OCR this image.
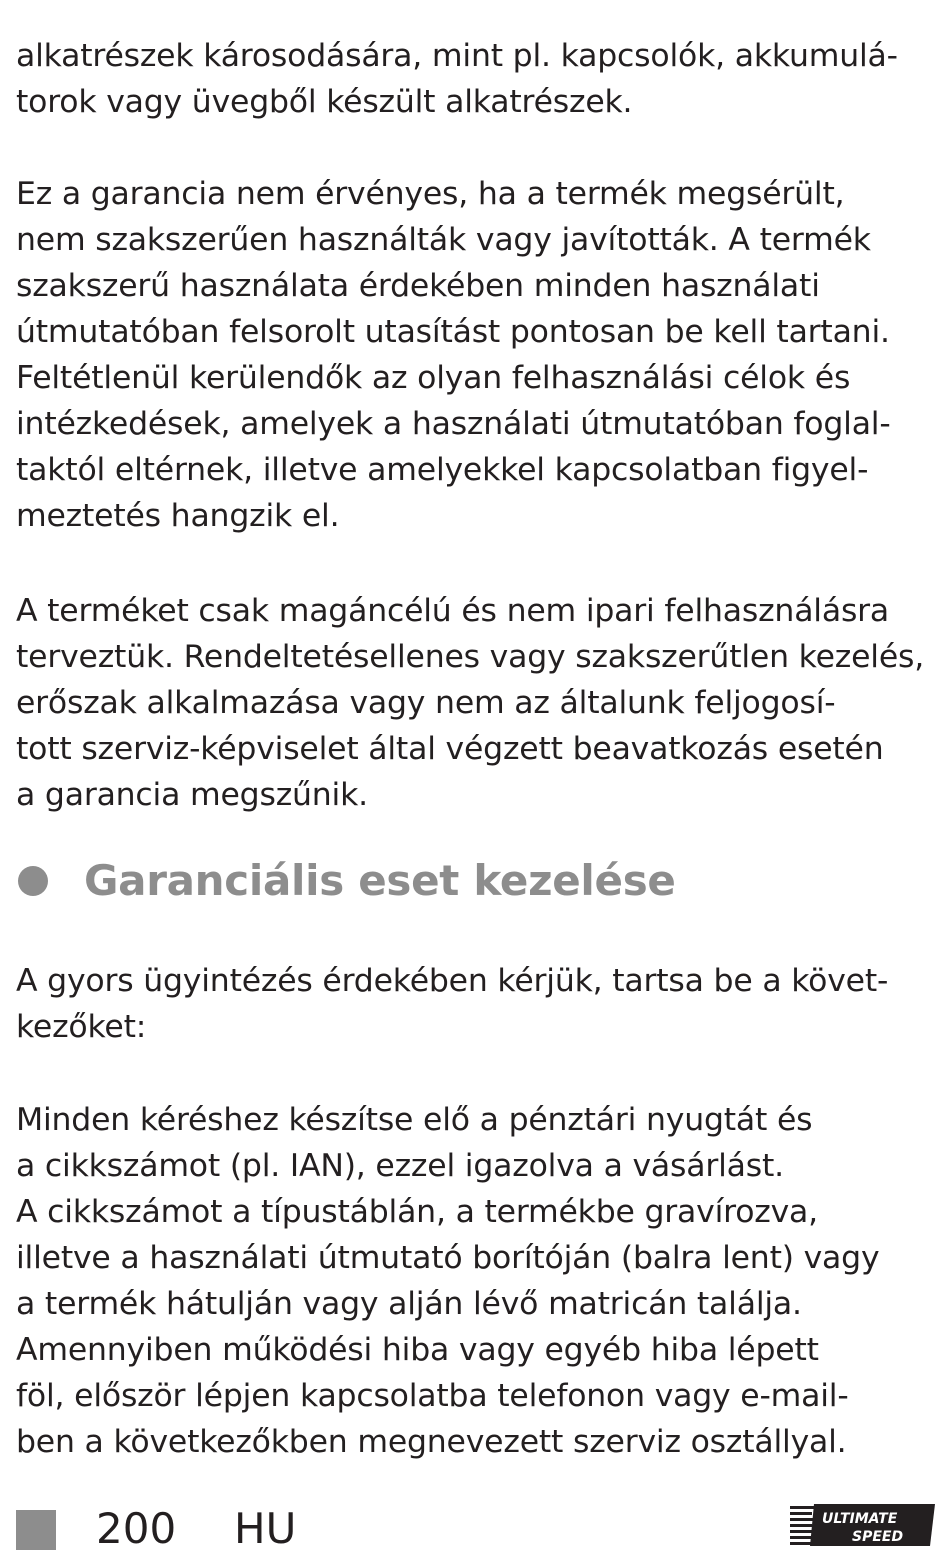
alkatrészek károsodására, mint pl. kapcsolók, akkumulá-
torok vagy üvegből készült alkatrészek.
Ez a garancia nem érvényes, ha a termék megsérült,
nem szakszerűen használták vagy javították. A termék
szakszerű használata érdekében minden használati
útmutatóban felsorolt utasítást pontosan be kell tartani.
Feltétlenül kerülendők az olyan felhasználási célok és
intézkedések, amelyek a használati útmutatóban foglal-
taktól eltérnek, illetve amelyekkel kapcsolatban figyel-
meztetés hangzik el.
A terméket csak magáncélú és nem ipari felhasználásra
terveztük. Rendeltetésellenes vagy szakszerűtlen kezelés,
erőszak alkalmazása vagy nem az általunk feljogosí-
tott szerviz-képviselet által végzett beavatkozás esetén
a garancia megszűnik.
Garanciális eset kezelése
A gyors ügyintézés érdekében kérjük, tartsa be a követ-
kezőket:
Minden kéréshez készítse elő a pénztári nyugtát és
a cikkszámot (pl. IAN), ezzel igazolva a vásárlást.
A cikkszámot a típustáblán, a termékbe gravírozva,
illetve a használati útmutató borítóján (balra lent) vagy
a termék hátulján vagy alján lévő matricán találja.
Amennyiben működési hiba vagy egyéb hiba lépett
föl, először lépjen kapcsolatba telefonon vagy e-mail-
ben a következőkben megnevezett szerviz osztállyal.
200 HU	ULTIMATE
SPEED
